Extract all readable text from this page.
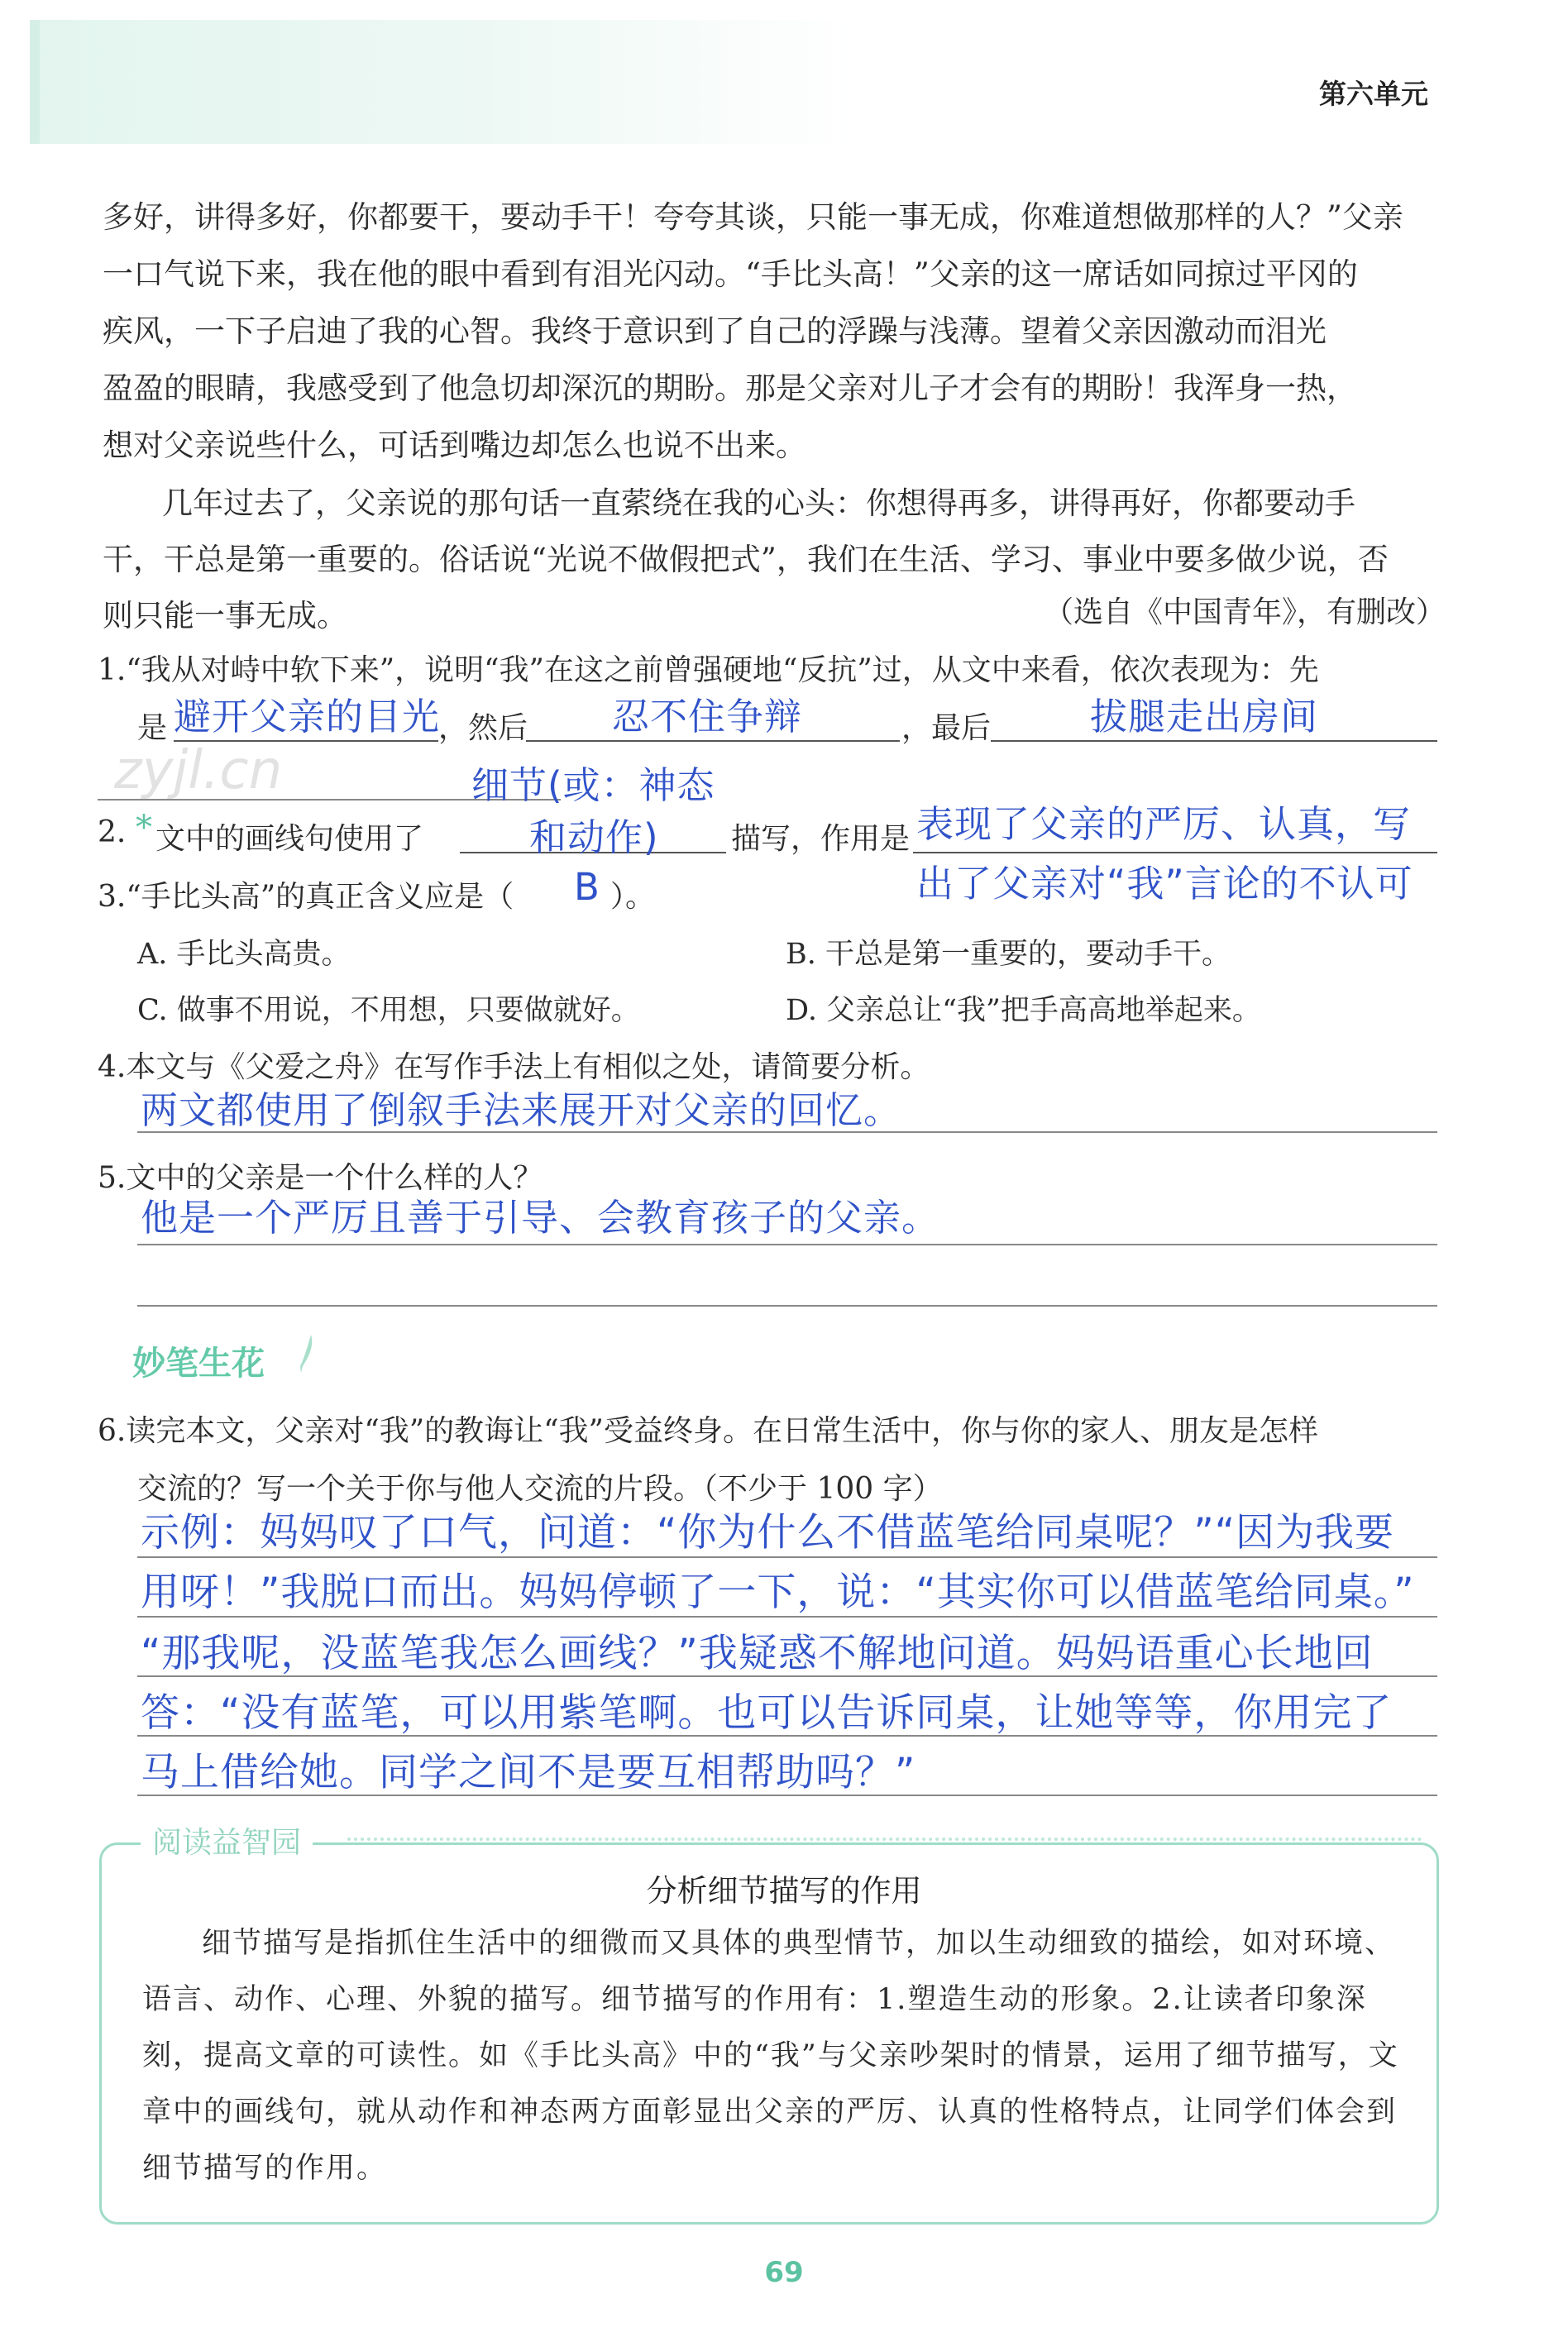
第六单元
多好，讲得多好，你都要干，要动手干！夸夸其谈，只能一事无成，你难道想做那样的人？”父亲
一口气说下来，我在他的眼中看到有泪光闪动。“手比头高！”父亲的这一席话如同掠过平冈的
疾风，一下子启迪了我的心智。我终于意识到了自己的浮躁与浅薄。望着父亲因激动而泪光
盈盈的眼睛，我感受到了他急切却深沉的期盼。那是父亲对儿子才会有的期盼！我浑身一热，
想对父亲说些什么，可话到嘴边却怎么也说不出来。
几年过去了，父亲说的那句话一直萦绕在我的心头：你想得再多，讲得再好，你都要动手
干，干总是第一重要的。俗话说“光说不做假把式”，我们在生活、学习、事业中要多做少说，否
则只能一事无成。	（选自《中国青年》，有删改）
1.“我从对峙中软下来”，说明“我”在这之前曾强硬地“反抗”过，从文中来看，依次表现为：先
是 避开父亲的目光
，然后 忍不住争辩	，最后	拔腿走出房间
zyjl.cn	细节(或：神态
2. * 文中的画线句使用了	和动作) 描写，作用是 表现了父亲的严厉、认真，写
出了父亲对“我”言论的不认可
3.“手比头高”的真正含义应是（ B ）。
A. 手比头高贵。	B. 干总是第一重要的，要动手干。
C. 做事不用说，不用想，只要做就好。	D. 父亲总让“我”把手高高地举起来。
4.本文与《父爱之舟》在写作手法上有相似之处，请简要分析。
两文都使用了倒叙手法来展开对父亲的回忆。
5.文中的父亲是一个什么样的人？
他是一个严厉且善于引导、会教育孩子的父亲。
妙笔生花
6.读完本文，父亲对“我”的教诲让“我”受益终身。在日常生活中，你与你的家人、朋友是怎样
交流的？写一个关于你与他人交流的片段。（不少于 100 字）
示例：妈妈叹了口气，问道：“你为什么不借蓝笔给同桌呢？”“因为我要
用呀！”我脱口而出。妈妈停顿了一下，说：“其实你可以借蓝笔给同桌。”
“那我呢，没蓝笔我怎么画线？”我疑惑不解地问道。妈妈语重心长地回
答：“没有蓝笔，可以用紫笔啊。也可以告诉同桌，让她等等，你用完了
马上借给她。同学之间不是要互相帮助吗？”
阅读益智园
分析细节描写的作用
细节描写是指抓住生活中的细微而又具体的典型情节，加以生动细致的描绘，如对环境、语言、动作、心理、外貌的描写。细节描写的作用有：1.塑造生动的形象。2.让读者印象深刻，提高文章的可读性。如《手比头高》中的“我”与父亲吵架时的情景，运用了细节描写，文章中的画线句，就从动作和神态两方面彰显出父亲的严厉、认真的性格特点，让同学们体会到细节描写的作用。
69
